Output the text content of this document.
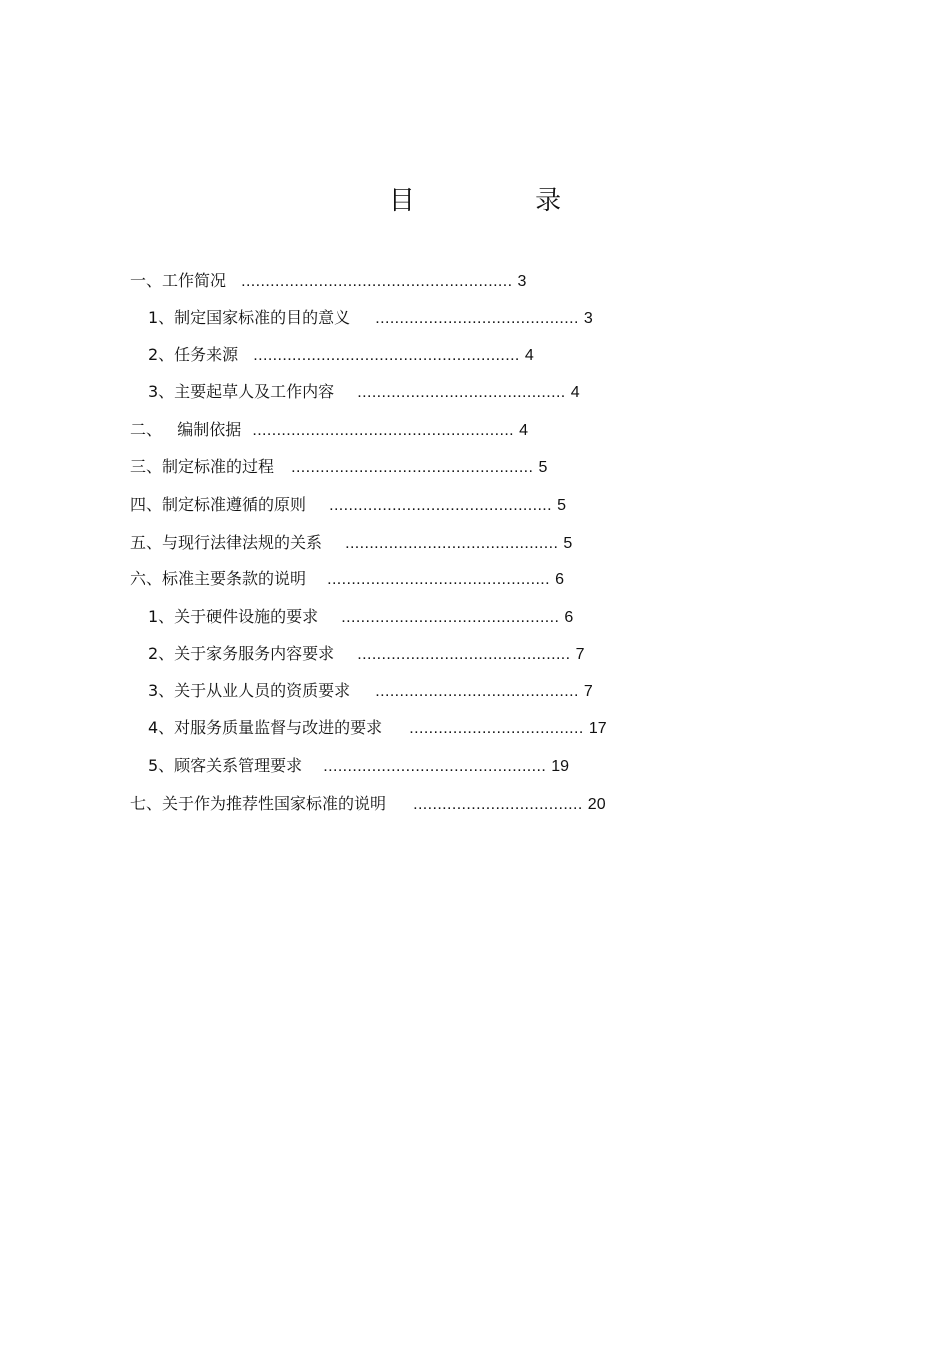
目 录
一、工作简况 ........................................................ 3
1、制定国家标准的目的意义 .......................................... 3
2、任务来源 ....................................................... 4
3、主要起草人及工作内容 ........................................... 4
二、   编制依据 ...................................................... 4
三、制定标准的过程 .................................................. 5
四、制定标准遵循的原则 .............................................. 5
五、与现行法律法规的关系 ............................................ 5
六、标准主要条款的说明 .............................................. 6
1、关于硬件设施的要求 ............................................. 6
2、关于家务服务内容要求 ............................................ 7
3、关于从业人员的资质要求 .......................................... 7
4、对服务质量监督与改进的要求 .................................... 17
5、顾客关系管理要求 .............................................. 19
七、关于作为推荐性国家标准的说明 ................................... 20
